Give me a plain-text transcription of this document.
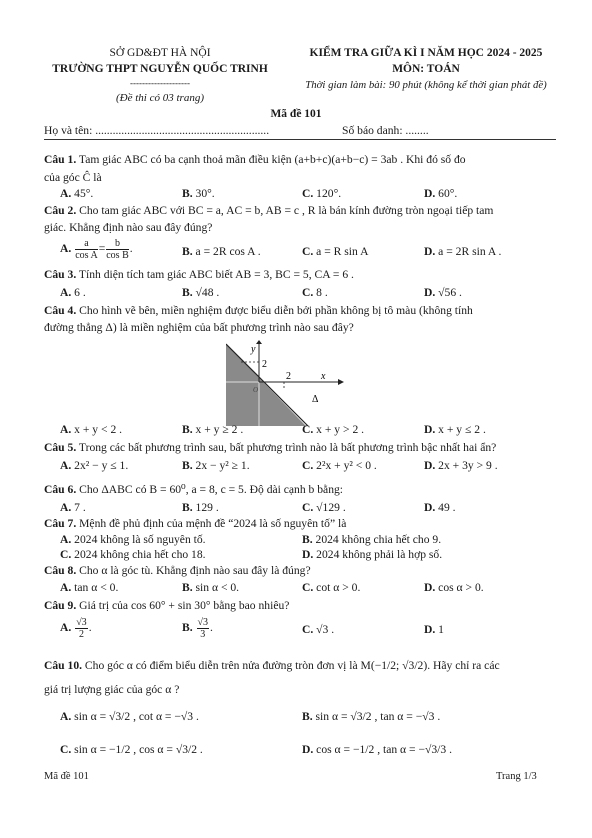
SỞ GD&ĐT HÀ NỘI
TRƯỜNG THPT NGUYỄN QUỐC TRINH
--------------------
(Đề thi có 03 trang)
KIỂM TRA GIỮA KÌ I NĂM HỌC 2024 - 2025
MÔN: TOÁN
Thời gian làm bài: 90 phút (không kể thời gian phát đề)
Mã đề 101
Họ và tên: ............................................................	Số báo danh: ........
Câu 1. Tam giác ABC có ba cạnh thoả mãn điều kiện (a+b+c)(a+b−c) = 3ab . Khi đó số đo
của góc Ĉ là
A. 45°.	B. 30°.	C. 120°.	D. 60°.
Câu 2. Cho tam giác ABC với BC = a, AC = b, AB = c , R là bán kính đường tròn ngoại tiếp tam
giác. Khẳng định nào sau đây đúng?
A. $\frac{a}{\text{cos A}} = \frac{b}{\text{cos B}}$ .	B. a = 2R cos A .	C. a = R sin A	D. a = 2R sin A .
Câu 3. Tính diện tích tam giác ABC biết AB = 3, BC = 5, CA = 6 .
A. 6 .	B. √48 .	C. 8 .	D. √56 .
Câu 4. Cho hình vẽ bên, miền nghiệm được biểu diễn bởi phần không bị tô màu (không tính
đường thẳng Δ) là miền nghiệm của bất phương trình nào sau đây?
y
2
2	x
O
Δ
A. x + y < 2 .	B. x + y ≥ 2 .	C. x + y > 2 .	D. x + y ≤ 2 .
Câu 5. Trong các bất phương trình sau, bất phương trình nào là bất phương trình bậc nhất hai ẩn?
A. 2x² − y ≤ 1.	B. 2x − y² ≥ 1.	C. 2²x + y² < 0 .	D. 2x + 3y > 9 .
Câu 6. Cho ΔABC có B = 60⁰, a = 8, c = 5. Độ dài cạnh b bằng:
A. 7 .	B. 129 .	C. √129 .	D. 49 .
Câu 7. Mệnh đề phủ định của mệnh đề “2024 là số nguyên tố” là
A. 2024 không là số nguyên tố.	B. 2024 không chia hết cho 9.
C. 2024 không chia hết cho 18.	D. 2024 không phải là hợp số.
Câu 8. Cho α là góc tù. Khẳng định nào sau đây là đúng?
A. tan α < 0.	B. sin α < 0.	C. cot α > 0.	D. cos α > 0.
Câu 9. Giá trị của cos 60° + sin 30° bằng bao nhiêu?
A. $\frac{√3}{2}$ .	B. $\frac{√3}{3}$ .	C. √3 .	D. 1
Câu 10. Cho góc α có điểm biểu diễn trên nửa đường tròn đơn vị là M(−1/2; √3/2). Hãy chỉ ra các
giá trị lượng giác của góc α ?
A. sin α = √3/2 , cot α = −√3 .	B. sin α = √3/2 , tan α = −√3 .
C. sin α = −1/2 , cos α = √3/2 .	D. cos α = −1/2 , tan α = −√3/3 .
Mã đề 101	Trang 1/3
